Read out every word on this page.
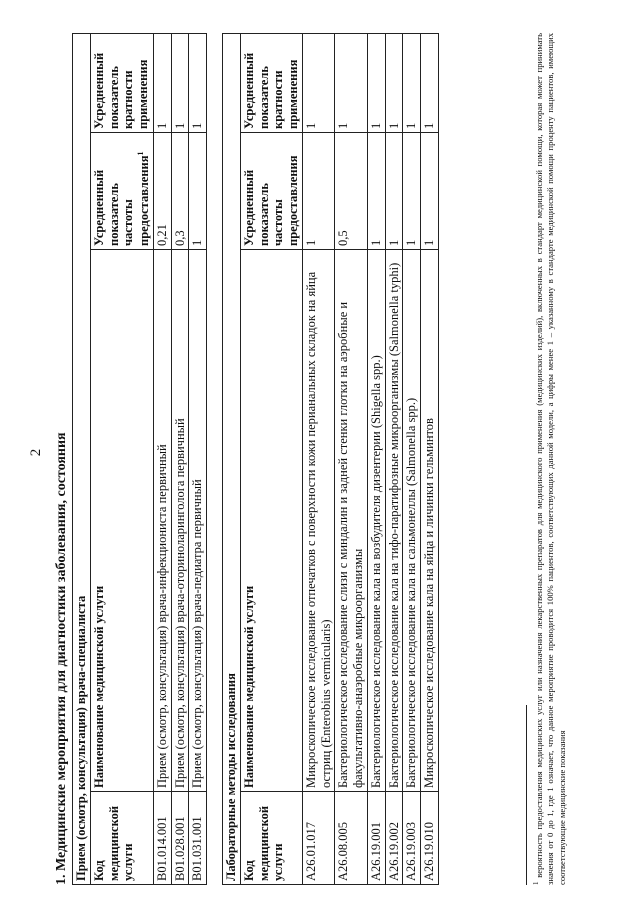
2 1. Медицинские мероприятия для диагностики заболевания, состояния Прием (осмотр, консультация) врача-специалиста			
Код медицинской услуги	Наименование медицинской услуги	Усредненный показатель частоты предоставления$^1$	Усредненный показатель кратности применения
B01.014.001	Прием (осмотр, консультация) врача-инфекциониста первичный	0,21	1
B01.028.001	Прием (осмотр, консультация) врача-оториноларинголога первичный	0,3	1
B01.031.001	Прием (осмотр, консультация) врача-педиатра первичный	1	1
Лабораторные методы исследования			
Код медицинской услуги	Наименование медицинской услуги	Усредненный показатель частоты предоставления	Усредненный показатель кратности применения
A26.01.017	Микроскопическое исследование отпечатков с поверхности кожи перианальных складок на яйца остриц (Enterobius vermicularis)	1	1
A26.08.005	Бактериологическое исследование слизи с миндалин и задней стенки глотки на аэробные и факультативно-анаэробные микроорганизмы	0,5	1
A26.19.001	Бактериологическое исследование кала на возбудителя дизентерии (Shigella spp.)	1	1
A26.19.002	Бактериологическое исследование кала на тифо-паратифозные микроорганизмы (Salmonella typhi)	1	1
A26.19.003	Бактериологическое исследование кала на сальмонеллы (Salmonella spp.)	1	1
A26.19.010	Микроскопическое исследование кала на яйца и личинки гельминтов	1	1
$^1$ вероятность предоставления медицинских услуг или назначения лекарственных препаратов для медицинского применения (медицинских изделий), включенных в стандарт медицинской помощи, которая может принимать значения от 0 до 1, где 1 означает, что данное мероприятие проводится 100% пациентов, соответствующих данной модели, а цифры менее 1 – указанному в стандарте медицинской помощи проценту пациентов, имеющих соответствующие медицинские показания
